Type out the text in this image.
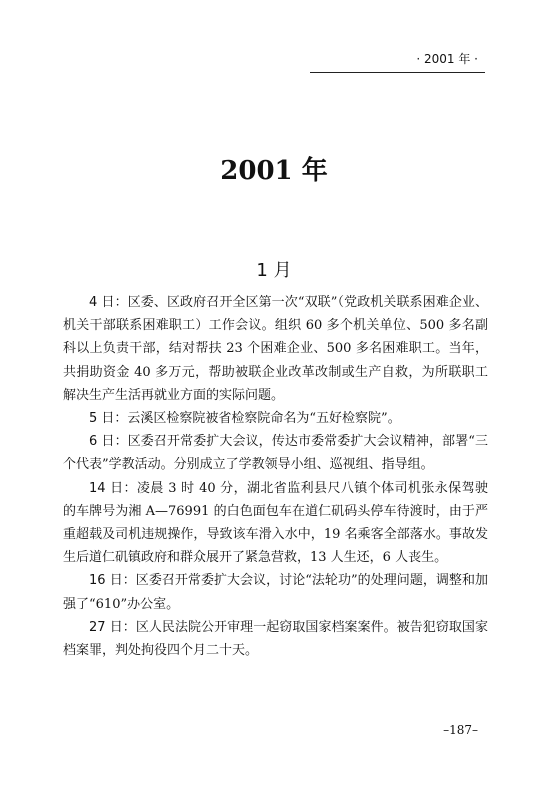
· 2001 年 ·
2001 年
1 月

4 日：区委、区政府召开全区第一次“双联”（党政机关联系困难企业、机关干部联系困难职工）工作会议。组织 60 多个机关单位、500 多名副科以上负责干部，结对帮扶 23 个困难企业、500 多名困难职工。当年，共捐助资金 40 多万元，帮助被联企业改革改制或生产自救，为所联职工解决生产生活再就业方面的实际问题。

5 日：云溪区检察院被省检察院命名为“五好检察院”。

6 日：区委召开常委扩大会议，传达市委常委扩大会议精神，部署“三个代表”学教活动。分别成立了学教领导小组、巡视组、指导组。

14 日：凌晨 3 时 40 分，湖北省监利县尺八镇个体司机张永保驾驶的车牌号为湘 A—76991 的白色面包车在道仁矶码头停车待渡时，由于严重超载及司机违规操作，导致该车滑入水中，19 名乘客全部落水。事故发生后道仁矶镇政府和群众展开了紧急营救，13 人生还，6 人丧生。

16 日：区委召开常委扩大会议，讨论“法轮功”的处理问题，调整和加强了“610”办公室。

27 日：区人民法院公开审理一起窃取国家档案案件。被告犯窃取国家档案罪，判处拘役四个月二十天。

–187–
